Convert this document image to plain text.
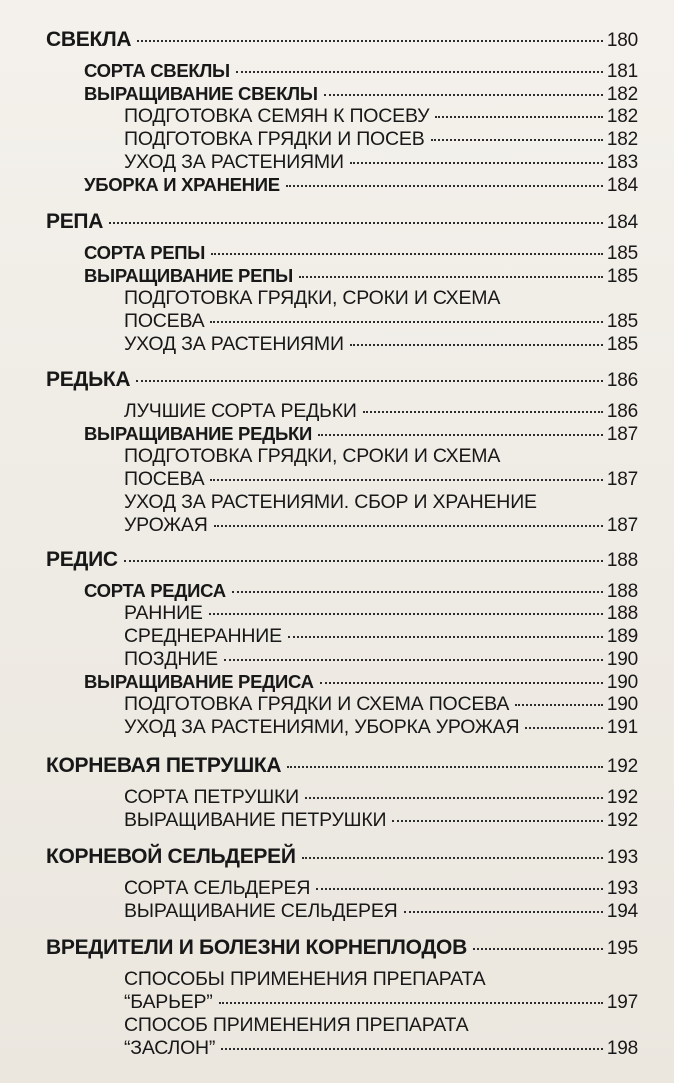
СВЕКЛА	180
СОРТА СВЕКЛЫ	181
ВЫРАЩИВАНИЕ СВЕКЛЫ	182
ПОДГОТОВКА СЕМЯН К ПОСЕВУ	182
ПОДГОТОВКА ГРЯДКИ И ПОСЕВ	182
УХОД ЗА РАСТЕНИЯМИ	183
УБОРКА И ХРАНЕНИЕ	184
РЕПА	184
СОРТА РЕПЫ	185
ВЫРАЩИВАНИЕ РЕПЫ	185
ПОДГОТОВКА ГРЯДКИ, СРОКИ И СХЕМА
ПОСЕВА	185
УХОД ЗА РАСТЕНИЯМИ	185
РЕДЬКА	186
ЛУЧШИЕ СОРТА РЕДЬКИ	186
ВЫРАЩИВАНИЕ РЕДЬКИ	187
ПОДГОТОВКА ГРЯДКИ, СРОКИ И СХЕМА
ПОСЕВА	187
УХОД ЗА РАСТЕНИЯМИ. СБОР И ХРАНЕНИЕ
УРОЖАЯ	187
РЕДИС	188
СОРТА РЕДИСА	188
РАННИЕ	188
СРЕДНЕРАННИЕ	189
ПОЗДНИЕ	190
ВЫРАЩИВАНИЕ РЕДИСА	190
ПОДГОТОВКА ГРЯДКИ И СХЕМА ПОСЕВА	190
УХОД ЗА РАСТЕНИЯМИ, УБОРКА УРОЖАЯ	191
КОРНЕВАЯ ПЕТРУШКА	192
СОРТА ПЕТРУШКИ	192
ВЫРАЩИВАНИЕ ПЕТРУШКИ	192
КОРНЕВОЙ СЕЛЬДЕРЕЙ	193
СОРТА СЕЛЬДЕРЕЯ	193
ВЫРАЩИВАНИЕ СЕЛЬДЕРЕЯ	194
ВРЕДИТЕЛИ И БОЛЕЗНИ КОРНЕПЛОДОВ	195
СПОСОБЫ ПРИМЕНЕНИЯ ПРЕПАРАТА
“БАРЬЕР”	197
СПОСОБ ПРИМЕНЕНИЯ ПРЕПАРАТА
“ЗАСЛОН”	198
